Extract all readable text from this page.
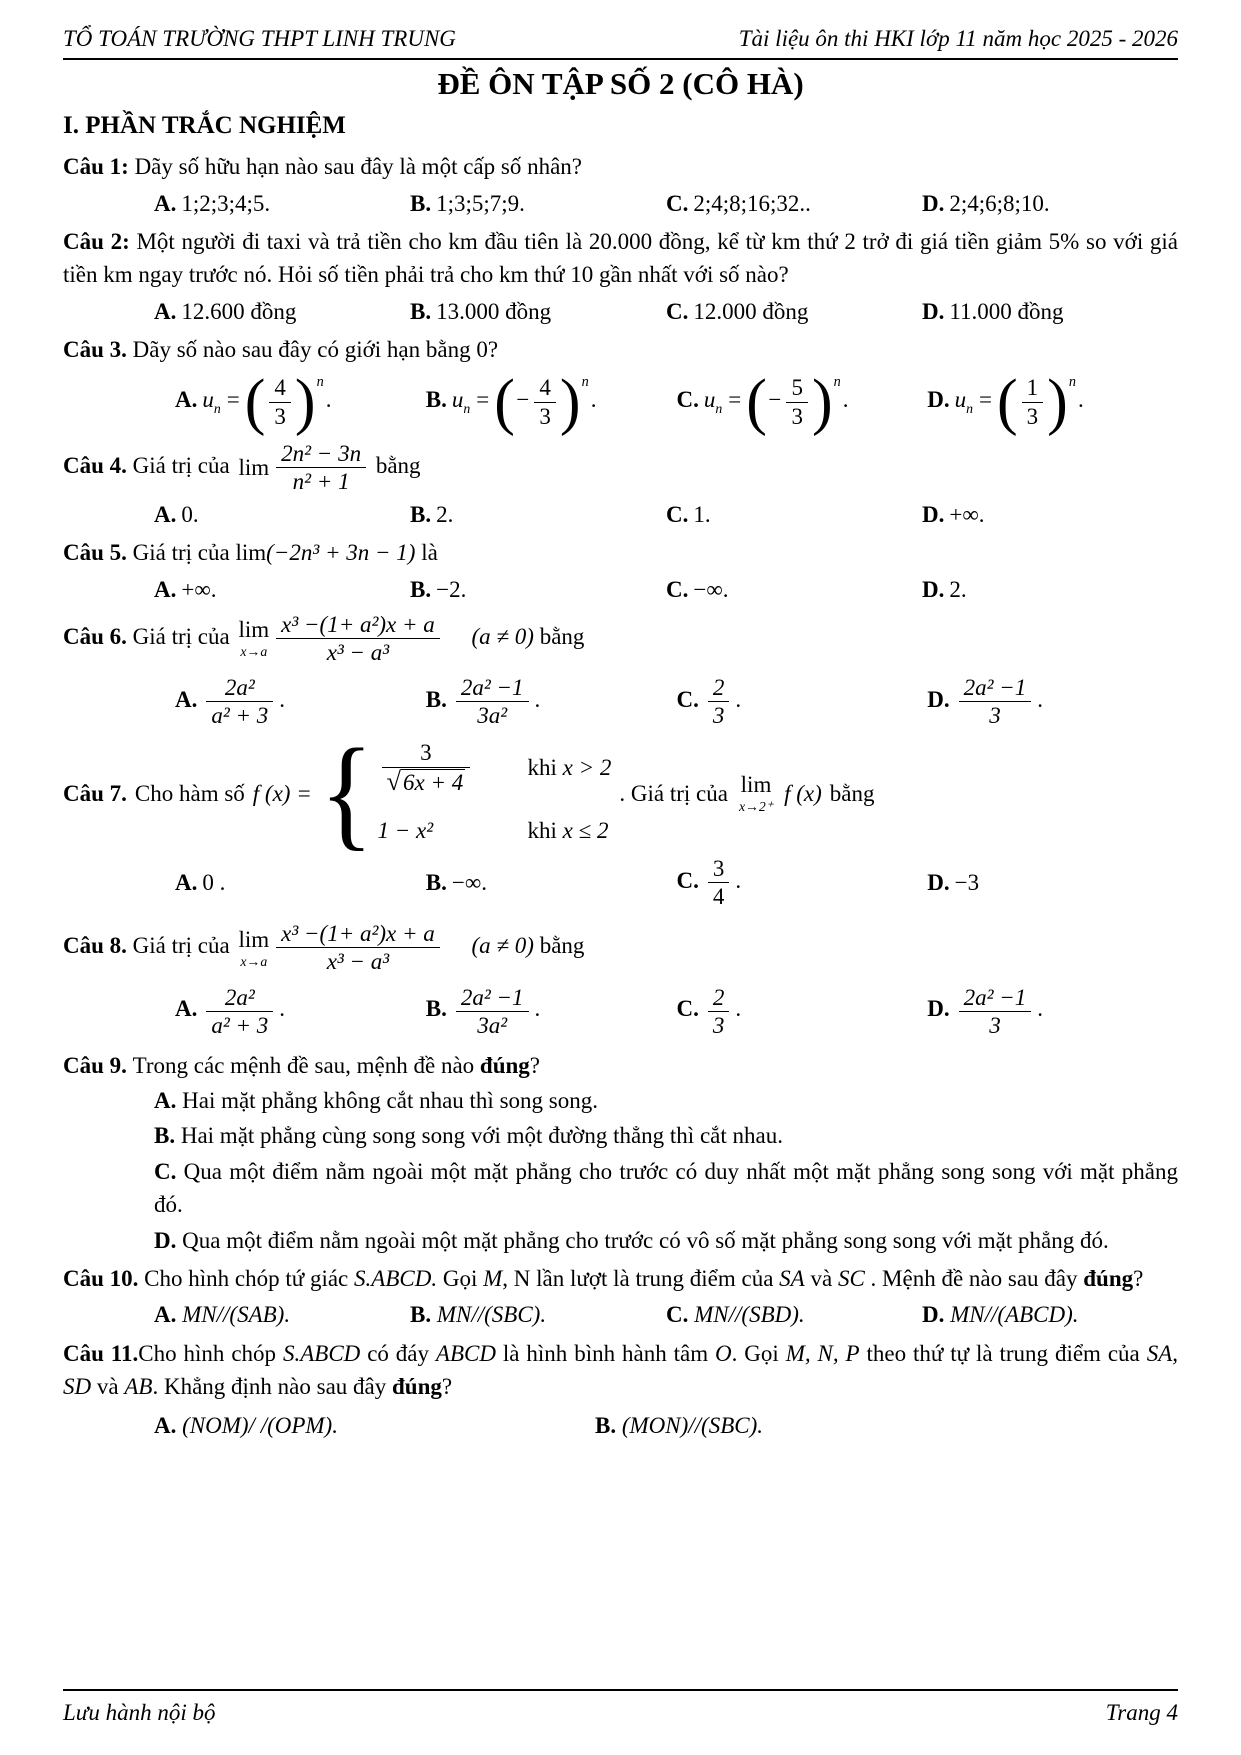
TỔ TOÁN TRƯỜNG THPT LINH TRUNG	Tài liệu ôn thi HKI lớp 11 năm học 2025 - 2026
ĐỀ ÔN TẬP SỐ 2 (CÔ HÀ)
I. PHẦN TRẮC NGHIỆM
Câu 1: Dãy số hữu hạn nào sau đây là một cấp số nhân?
A. 1;2;3;4;5.	B. 1;3;5;7;9.	C. 2;4;8;16;32..	D. 2;4;6;8;10.
Câu 2: Một người đi taxi và trả tiền cho km đầu tiên là 20.000 đồng, kể từ km thứ 2 trở đi giá tiền giảm 5% so với giá tiền km ngay trước nó. Hỏi số tiền phải trả cho km thứ 10 gần nhất với số nào?
A. 12.600 đồng	B. 13.000 đồng	C. 12.000 đồng	D. 11.000 đồng
Câu 3. Dãy số nào sau đây có giới hạn bằng 0?
A. $u_n$ =( $\frac{4}{3} )^n$.	B. $u_n$ =(− $\frac{4}{3} )^n$.	C. $u_n$ =(− $\frac{5}{3} )^n$.	D. $u_n$ =( $\frac{1}{3} )^n$.
Câu 4. Giá trị của $\lim \frac{\text{2n² − 3n}}{\text{n² + 1}}$ bằng
A. 0.	B. 2.	C. 1.	D. +∞.
Câu 5. Giá trị của lim(−2n³ + 3n − 1) là
A. +∞.	B. −2.	C. −∞.	D. 2.
Câu 6. Giá trị của lim
$x\to a \frac{\text{x³ −(1+ a²)x + a}}{\text{x³ − a³}} (a \ne 0)$ bằng
A. $\frac{\text{2a²}}{\text{a² + 3}}$ .	B. $\frac{\text{2a² −1}}{\text{3a²}}$ .	C. $\frac{2}{3}$ .	D. $\frac{\text{2a² −1}}{3}$ .
Câu 7. Cho hàm số f (x) = { $\frac{3}{√6x + 4}$ khi x > 2
1 − x²	khi x ≤ 2
. Giá trị của lim
x→2⁺
f (x) bằng
A. 0 .	B. −∞.	C. $\frac{3}{4}$ .	D. −3
Câu 8. Giá trị của lim
$x\to a \frac{\text{x³ −(1+ a²)x + a}}{\text{x³ − a³}} (a \ne 0)$ bằng
A. $\frac{\text{2a²}}{\text{a² + 3}}$ .	B. $\frac{\text{2a² −1}}{\text{3a²}}$ .	C. $\frac{2}{3}$ .	D. $\frac{\text{2a² −1}}{3}$ .
Câu 9. Trong các mệnh đề sau, mệnh đề nào đúng?
A. Hai mặt phẳng không cắt nhau thì song song.
B. Hai mặt phẳng cùng song song với một đường thẳng thì cắt nhau.
C. Qua một điểm nằm ngoài một mặt phẳng cho trước có duy nhất một mặt phẳng song song với mặt phẳng đó.
D. Qua một điểm nằm ngoài một mặt phẳng cho trước có vô số mặt phẳng song song với mặt phẳng đó.
Câu 10. Cho hình chóp tứ giác S.ABCD. Gọi M, N lần lượt là trung điểm của SA và SC . Mệnh đề nào sau đây đúng?
A. MN//(SAB).	B. MN//(SBC).	C. MN//(SBD).	D. MN//(ABCD).
Câu 11.Cho hình chóp S.ABCD có đáy ABCD là hình bình hành tâm O. Gọi M, N, P theo thứ tự là trung điểm của SA, SD và AB. Khẳng định nào sau đây đúng?
A. (NOM)/ /(OPM).	B. (MON)//(SBC).
Lưu hành nội bộ	Trang 4
